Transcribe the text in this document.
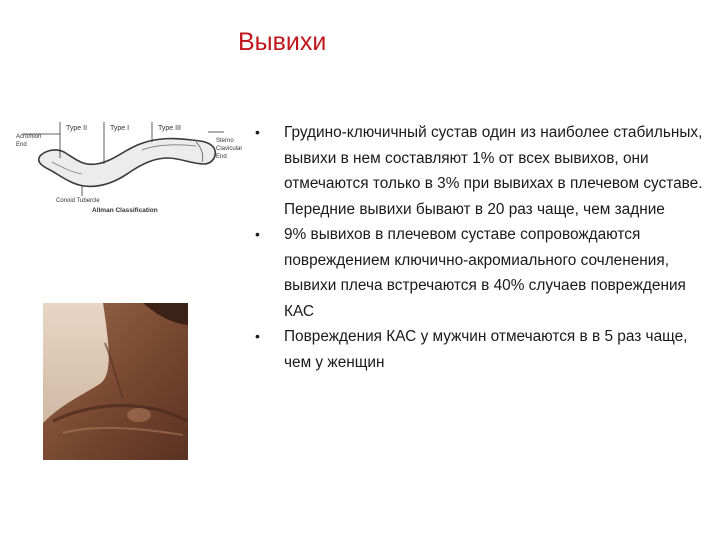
Вывихи
Acromion
End
Type II	Type I	Type III
Sterno
Clavicular
End
Conoid Tubercle
Allman Classification
• Грудино-ключичный сустав один из наиболее стабильных, вывихи в нем составляют 1% от всех вывихов, они отмечаются только в 3% при вывихах в плечевом суставе. Передние вывихи бывают в 20 раз чаще, чем задние
• 9% вывихов в плечевом суставе сопровождаются повреждением ключично-акромиального сочленения, вывихи плеча встречаются в 40% случаев повреждения КАС
• Повреждения КАС у мужчин отмечаются в в 5 раз чаще, чем у женщин
